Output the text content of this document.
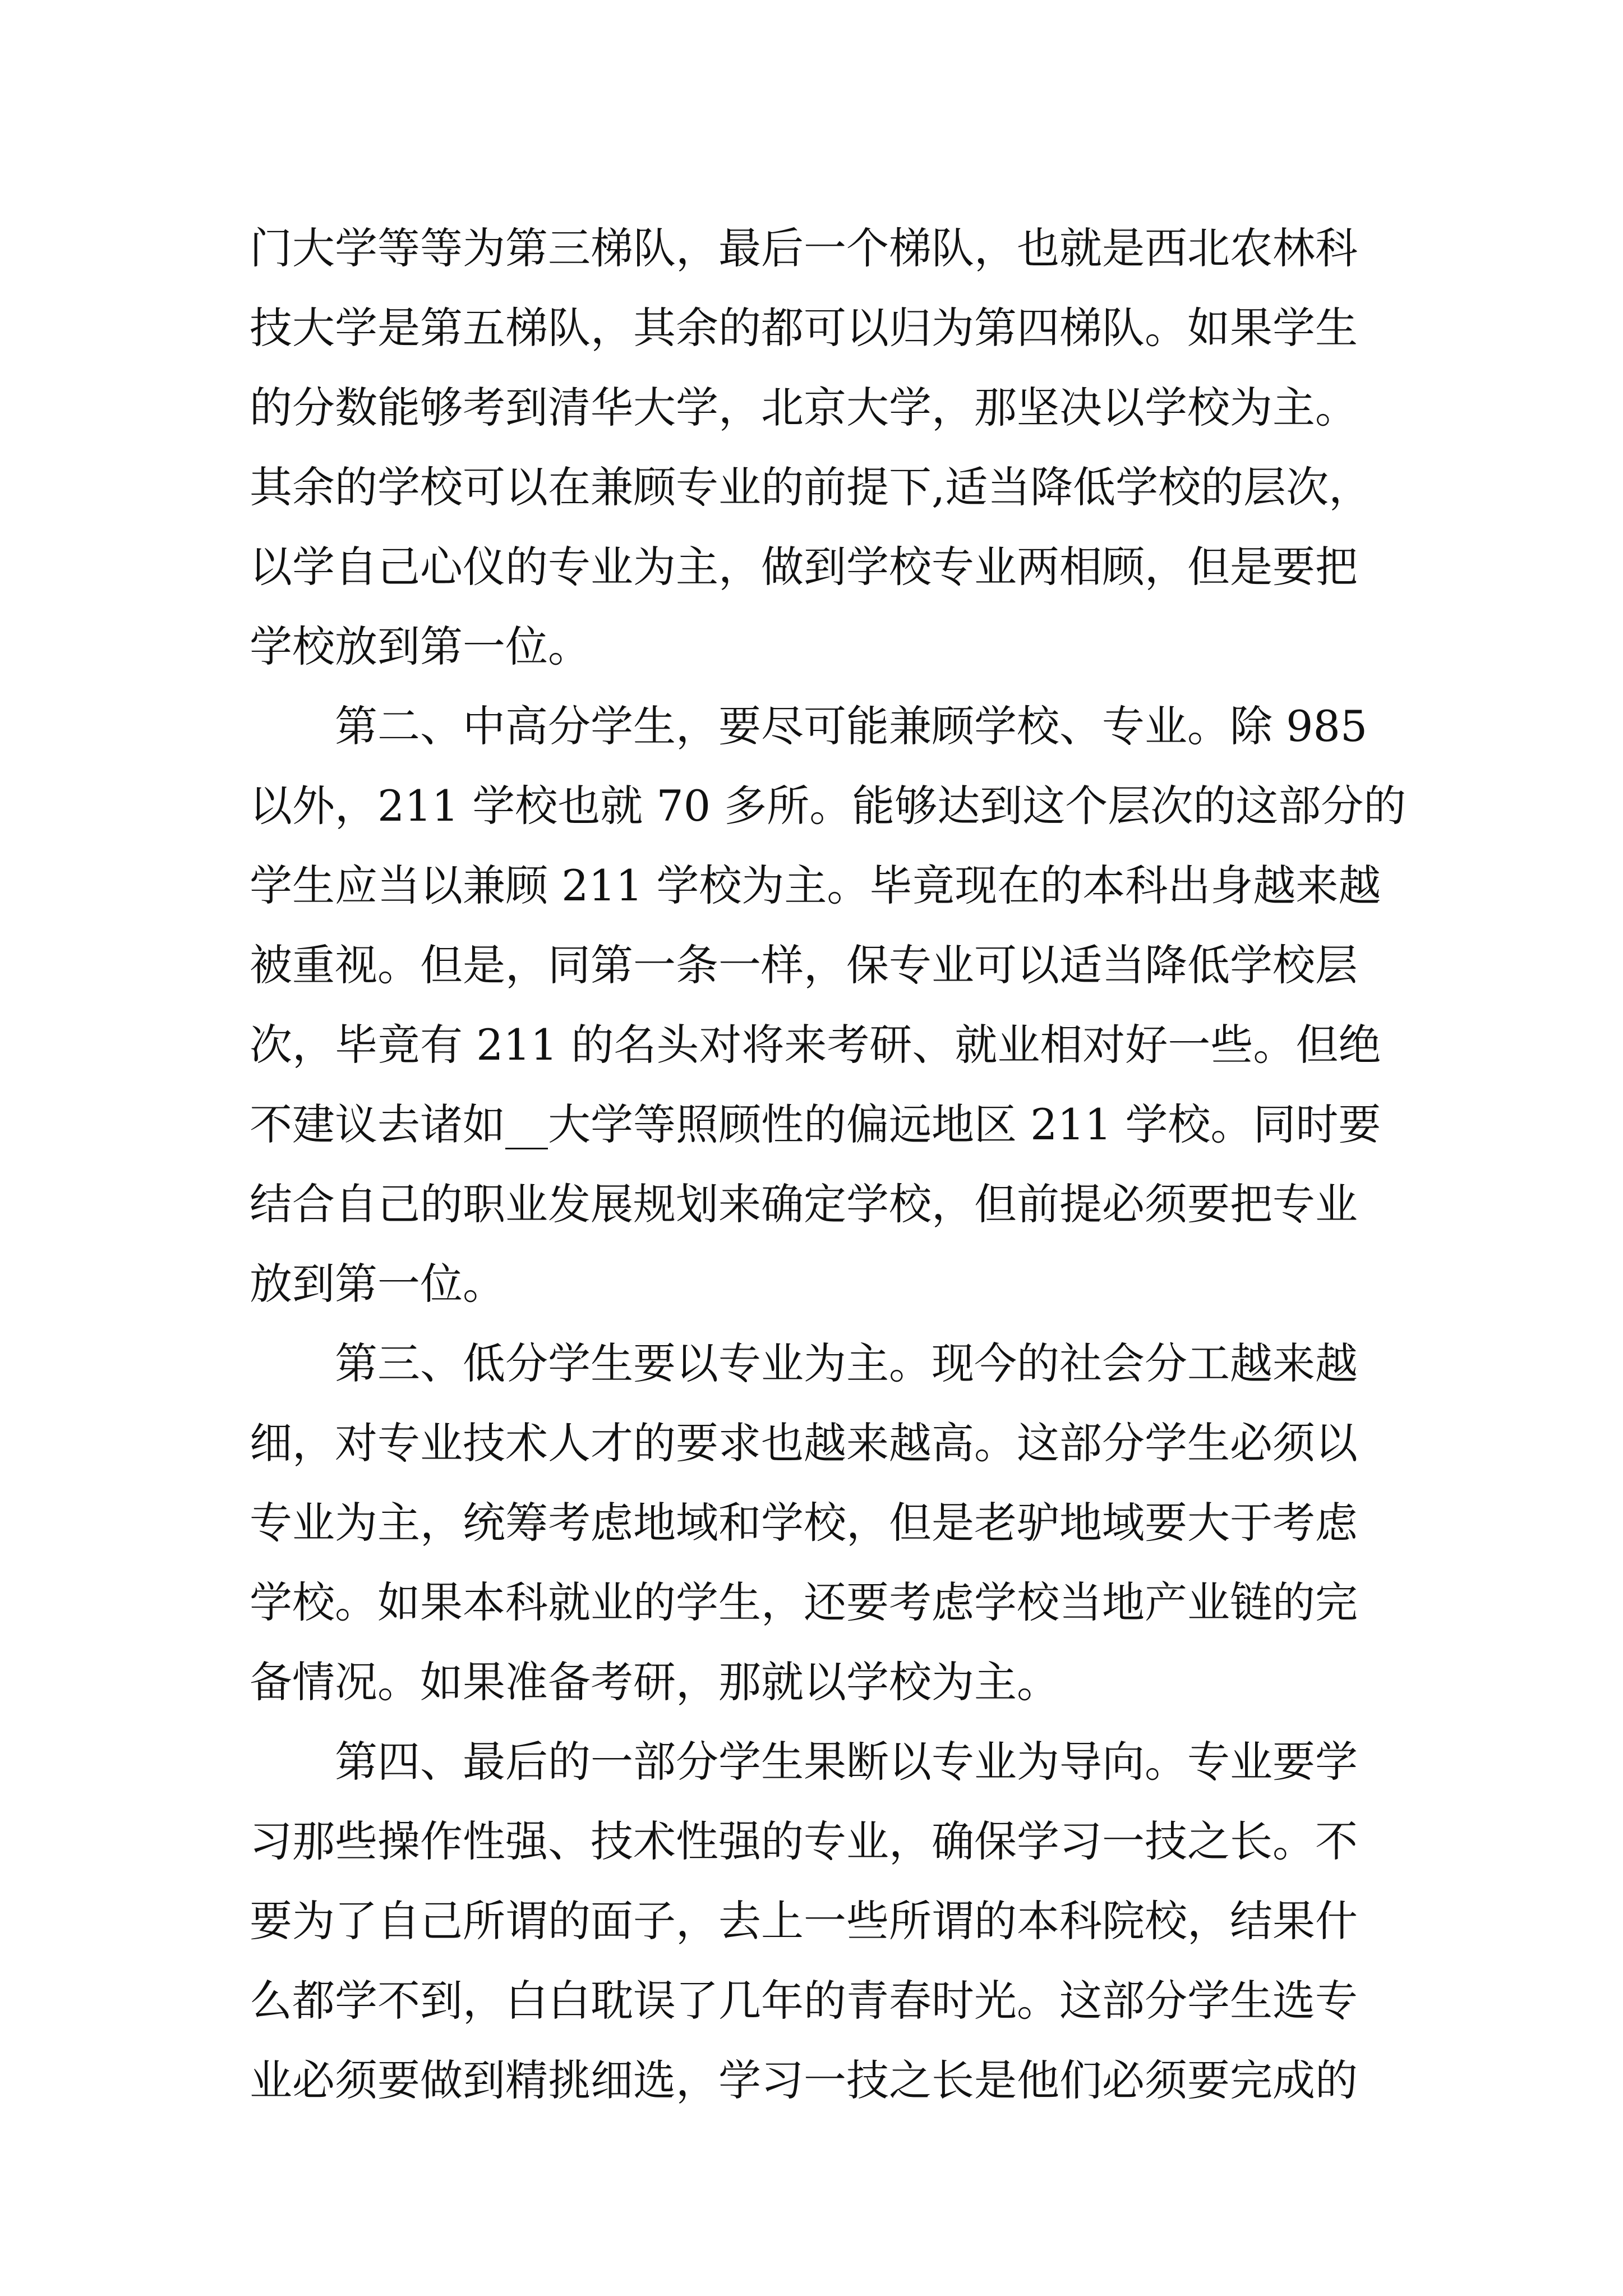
门大学等等为第三梯队，最后一个梯队，也就是西北农林科
技大学是第五梯队，其余的都可以归为第四梯队。如果学生
的分数能够考到清华大学，北京大学，那坚决以学校为主。
其余的学校可以在兼顾专业的前提下,适当降低学校的层次，
以学自己心仪的专业为主，做到学校专业两相顾，但是要把
学校放到第一位。
第二、中高分学生，要尽可能兼顾学校、专业。除 985
以外，211 学校也就 70 多所。能够达到这个层次的这部分的
学生应当以兼顾 211 学校为主。毕竟现在的本科出身越来越
被重视。但是，同第一条一样，保专业可以适当降低学校层
次，毕竟有 211 的名头对将来考研、就业相对好一些。但绝
不建议去诸如__大学等照顾性的偏远地区 211 学校。同时要
结合自己的职业发展规划来确定学校，但前提必须要把专业
放到第一位。
第三、低分学生要以专业为主。现今的社会分工越来越
细，对专业技术人才的要求也越来越高。这部分学生必须以
专业为主，统筹考虑地域和学校，但是老驴地域要大于考虑
学校。如果本科就业的学生，还要考虑学校当地产业链的完
备情况。如果准备考研，那就以学校为主。
第四、最后的一部分学生果断以专业为导向。专业要学
习那些操作性强、技术性强的专业，确保学习一技之长。不
要为了自己所谓的面子，去上一些所谓的本科院校，结果什
么都学不到，白白耽误了几年的青春时光。这部分学生选专
业必须要做到精挑细选，学习一技之长是他们必须要完成的
